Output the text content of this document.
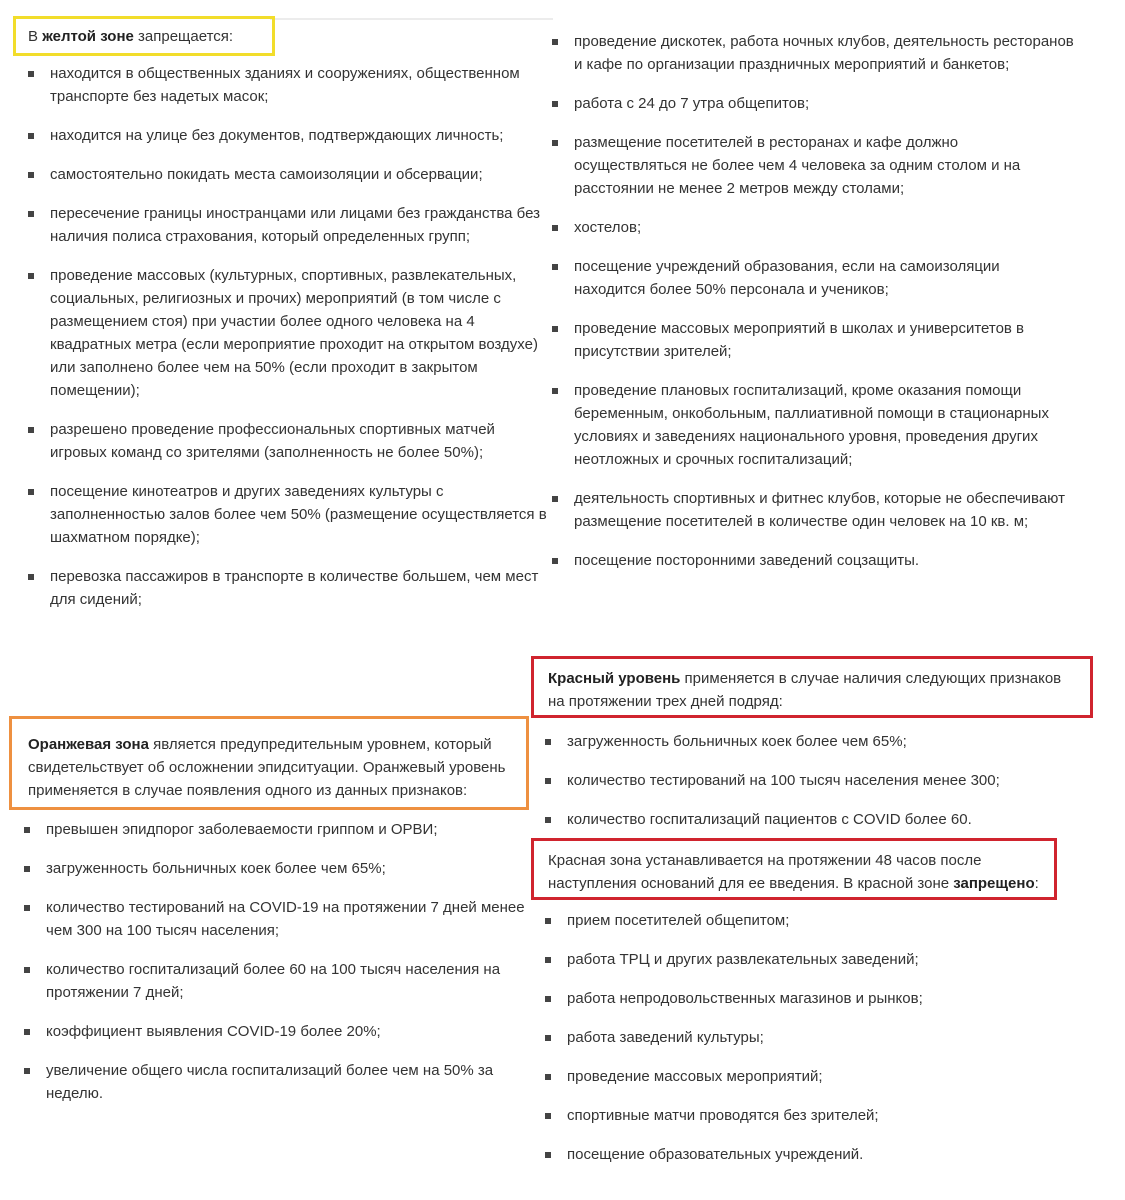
В желтой зоне запрещается:
находится в общественных зданиях и сооружениях, общественном транспорте без надетых масок;
находится на улице без документов, подтверждающих личность;
самостоятельно покидать места самоизоляции и обсервации;
пересечение границы иностранцами или лицами без гражданства без наличия полиса страхования, который определенных групп;
проведение массовых (культурных, спортивных, развлекательных, социальных, религиозных и прочих) мероприятий (в том числе с размещением стоя) при участии более одного человека на 4 квадратных метра (если мероприятие проходит на открытом воздухе) или заполнено более чем на 50% (если проходит в закрытом помещении);
разрешено проведение профессиональных спортивных матчей игровых команд со зрителями (заполненность не более 50%);
посещение кинотеатров и других заведениях культуры с заполненностью залов более чем 50% (размещение осуществляется в шахматном порядке);
перевозка пассажиров в транспорте в количестве большем, чем мест для сидений;
проведение дискотек, работа ночных клубов, деятельность ресторанов и кафе по организации праздничных мероприятий и банкетов;
работа с 24 до 7 утра общепитов;
размещение посетителей в ресторанах и кафе должно осуществляться не более чем 4 человека за одним столом и на расстоянии не менее 2 метров между столами;
хостелов;
посещение учреждений образования, если на самоизоляции находится более 50% персонала и учеников;
проведение массовых мероприятий в школах и университетов в присутствии зрителей;
проведение плановых госпитализаций, кроме оказания помощи беременным, онкобольным, паллиативной помощи в стационарных условиях и заведениях национального уровня, проведения других неотложных и срочных госпитализаций;
деятельность спортивных и фитнес клубов, которые не обеспечивают размещение посетителей в количестве один человек на 10 кв. м;
посещение посторонними заведений соцзащиты.
Оранжевая зона является предупредительным уровнем, который свидетельствует об осложнении эпидситуации. Оранжевый уровень применяется в случае появления одного из данных признаков:
превышен эпидпорог заболеваемости гриппом и ОРВИ;
загруженность больничных коек более чем 65%;
количество тестирований на COVID-19 на протяжении 7 дней менее чем 300 на 100 тысяч населения;
количество госпитализаций более 60 на 100 тысяч населения на протяжении 7 дней;
коэффициент выявления COVID-19 более 20%;
увеличение общего числа госпитализаций более чем на 50% за неделю.
Красный уровень применяется в случае наличия следующих признаков на протяжении трех дней подряд:
загруженность больничных коек более чем 65%;
количество тестирований на 100 тысяч населения менее 300;
количество госпитализаций пациентов с COVID более 60.
Красная зона устанавливается на протяжении 48 часов после наступления оснований для ее введения. В красной зоне запрещено:
прием посетителей общепитом;
работа ТРЦ и других развлекательных заведений;
работа непродовольственных магазинов и рынков;
работа заведений культуры;
проведение массовых мероприятий;
спортивные матчи проводятся без зрителей;
посещение образовательных учреждений.
